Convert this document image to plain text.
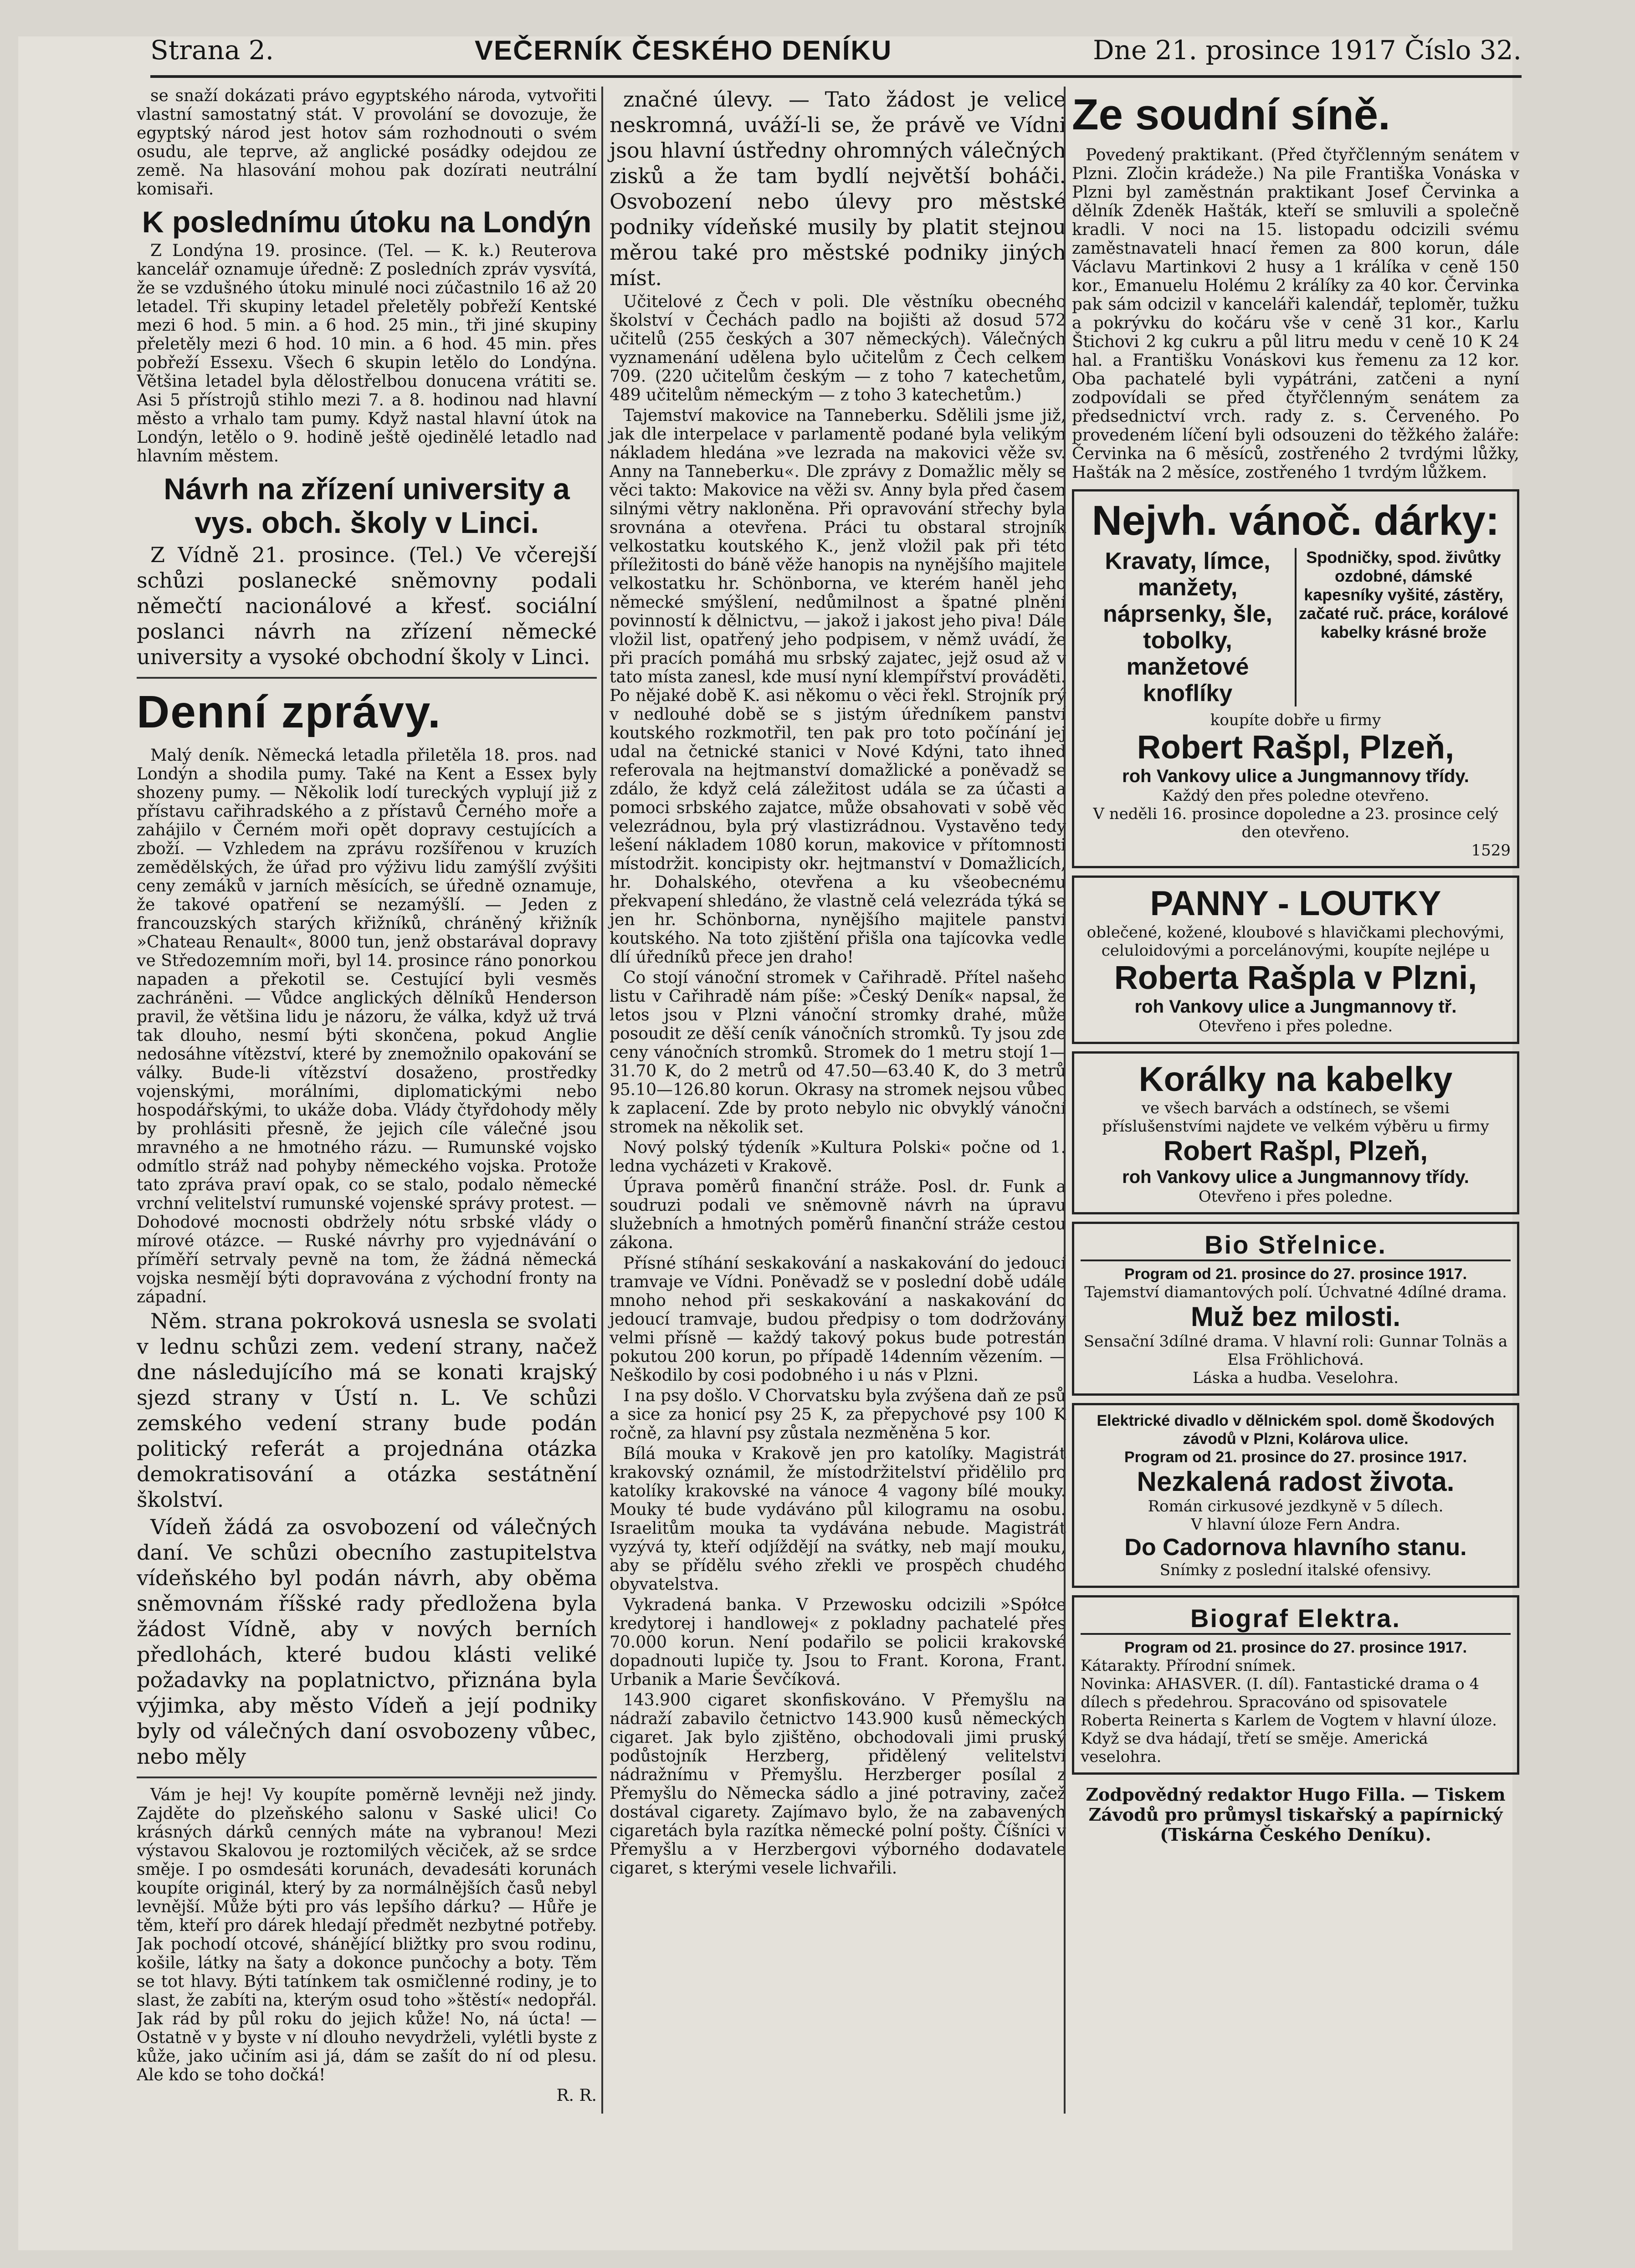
Strana 2.	VEČERNÍK ČESKÉHO DENÍKU	Dne 21. prosince 1917 Číslo 32.

se snaží dokázati právo egyptského národa, vytvořiti vlastní samostatný stát. V provolání se dovozuje, že egyptský národ jest hotov sám rozhodnouti o svém osudu, ale teprve, až anglické posádky odejdou ze země. Na hlasování mohou pak dozírati neutrální komisaři.

K poslednímu útoku na Londýn

Z Londýna 19. prosince. (Tel. — K. k.) Reuterova kancelář oznamuje úředně: Z posledních zpráv vysvítá, že se vzdušného útoku minulé noci zúčastnilo 16 až 20 letadel. Tři skupiny letadel přeletěly pobřeží Kentské mezi 6 hod. 5 min. a 6 hod. 25 min., tři jiné skupiny přeletěly mezi 6 hod. 10 min. a 6 hod. 45 min. přes pobřeží Essexu. Všech 6 skupin letělo do Londýna. Většina letadel byla dělostřelbou donucena vrátiti se. Asi 5 přístrojů stihlo mezi 7. a 8. hodinou nad hlavní město a vrhalo tam pumy. Když nastal hlavní útok na Londýn, letělo o 9. hodině ještě ojedinělé letadlo nad hlavním městem.

Návrh na zřízení university a vys. obch. školy v Linci.

Z Vídně 21. prosince. (Tel.) Ve včerejší schůzi poslanecké sněmovny podali němečtí nacionálové a křesť. sociální poslanci návrh na zřízení německé university a vysoké obchodní školy v Linci.

Denní zprávy.

Malý deník. Německá letadla přiletěla 18. pros. nad Londýn a shodila pumy. Také na Kent a Essex byly shozeny pumy. — Několik lodí tureckých vyplují již z přístavu cařihradského a z přístavů Černého moře a zahájilo v Černém moři opět dopravy cestujících a zboží. — Vzhledem na zprávu rozšířenou v kruzích zemědělských, že úřad pro výživu lidu zamýšlí zvýšiti ceny zemáků v jarních měsících, se úředně oznamuje, že takové opatření se nezamýšlí. — Jeden z francouzských starých křižníků, chráněný křižník »Chateau Renault«, 8000 tun, jenž obstarával dopravy ve Středozemním moři, byl 14. prosince ráno ponorkou napaden a překotil se. Cestující byli vesměs zachráněni. — Vůdce anglických dělníků Henderson pravil, že většina lidu je názoru, že válka, když už trvá tak dlouho, nesmí býti skončena, pokud Anglie nedosáhne vítězství, které by znemožnilo opakování se války. Bude-li vítězství dosaženo, prostředky vojenskými, morálními, diplomatickými nebo hospodářskými, to ukáže doba. Vlády čtyřdohody měly by prohlásiti přesně, že jejich cíle válečné jsou mravného a ne hmotného rázu. — Rumunské vojsko odmítlo stráž nad pohyby německého vojska. Protože tato zpráva praví opak, co se stalo, podalo německé vrchní velitelství rumunské vojenské správy protest. — Dohodové mocnosti obdržely nótu srbské vlády o mírové otázce. — Ruské návrhy pro vyjednávání o příměří setrvaly pevně na tom, že žádná německá vojska nesmějí býti dopravována z východní fronty na západní.

Něm. strana pokroková usnesla se svolati v lednu schůzi zem. vedení strany, načež dne následujícího má se konati krajský sjezd strany v Ústí n. L. Ve schůzi zemského vedení strany bude podán politický referát a projednána otázka demokratisování a otázka sestátnění školství.

Vídeň žádá za osvobození od válečných daní. Ve schůzi obecního zastupitelstva vídeňského byl podán návrh, aby oběma sněmovnám říšské rady předložena byla žádost Vídně, aby v nových berních předlohách, které budou klásti veliké požadavky na poplatnictvo, přiznána byla výjimka, aby město Vídeň a její podniky byly od válečných daní osvobozeny vůbec, nebo měly

Vám je hej! Vy koupíte poměrně levněji než jindy. Zajděte do plzeňského salonu v Saské ulici! Co krásných dárků cenných máte na vybranou! Mezi výstavou Skalovou je roztomilých věciček, až se srdce směje. I po osmdesáti korunách, devadesáti korunách koupíte originál, který by za normálnějších časů nebyl levnější. Může býti pro vás lepšího dárku? — Hůře je těm, kteří pro dárek hledají předmět nezbytné potřeby. Jak pochodí otcové, shánějící bližtky pro svou rodinu, košile, látky na šaty a dokonce punčochy a boty. Těm se tot hlavy. Býti tatínkem tak osmičlenné rodiny, je to slast, že zabíti na, kterým osud toho »štěstí« nedopřál. Jak rád by půl roku do jejich kůže! No, ná úcta! — Ostatně v y byste v ní dlouho nevydrželi, vylétli byste z kůže, jako učiním asi já, dám se zašít do ní od plesu. Ale kdo se toho dočká!

R. R.

značné úlevy. — Tato žádost je velice neskromná, uváží-li se, že právě ve Vídni jsou hlavní ústředny ohromných válečných zisků a že tam bydlí největší boháči. Osvobození nebo úlevy pro městské podniky vídeňské musily by platit stejnou měrou také pro městské podniky jiných míst.

Učitelové z Čech v poli. Dle věstníku obecného školství v Čechách padlo na bojišti až dosud 572 učitelů (255 českých a 307 německých). Válečných vyznamenání udělena bylo učitelům z Čech celkem 709. (220 učitelům českým — z toho 7 katechetům, 489 učitelům německým — z toho 3 katechetům.)

Tajemství makovice na Tanneberku. Sdělili jsme již, jak dle interpelace v parlamentě podané byla velikým nákladem hledána »ve lezrada na makovici věže sv. Anny na Tanneberku«. Dle zprávy z Domažlic měly se věci takto: Makovice na věži sv. Anny byla před časem silnými větry nakloněna. Při opravování střechy byla srovnána a otevřena. Práci tu obstaral strojník velkostatku koutského K., jenž vložil pak při této příležitosti do báně věže hanopis na nynějšího majitele velkostatku hr. Schönborna, ve kterém haněl jeho německé smýšlení, nedůmilnost a špatné plnění povinností k dělnictvu, — jakož i jakost jeho piva! Dále vložil list, opatřený jeho podpisem, v němž uvádí, že při pracích pomáhá mu srbský zajatec, jejž osud až v tato místa zanesl, kde musí nyní klempířství prováděti. Po nějaké době K. asi někomu o věci řekl. Strojník prý v nedlouhé době se s jistým úředníkem panství koutského rozkmotřil, ten pak pro toto počínání jej udal na četnické stanici v Nové Kdýni, tato ihned referovala na hejtmanství domažlické a poněvadž se zdálo, že když celá záležitost udála se za účasti a pomoci srbského zajatce, může obsahovati v sobě věc velezrádnou, byla prý vlastizrádnou. Vystavěno tedy lešení nákladem 1080 korun, makovice v přítomnosti místodržit. koncipisty okr. hejtmanství v Domažlicích, hr. Dohalského, otevřena a ku všeobecnému překvapení shledáno, že vlastně celá velezráda týká se jen hr. Schönborna, nynějšího majitele panství koutského. Na toto zjištění přišla ona tajícovka vedle dlí úředníků přece jen draho!

Co stojí vánoční stromek v Cařihradě. Přítel našeho listu v Cařihradě nám píše: »Český Deník« napsal, že letos jsou v Plzni vánoční stromky drahé, může posoudit ze děší ceník vánočních stromků. Ty jsou zde ceny vánočních stromků. Stromek do 1 metru stojí 1—31.70 K, do 2 metrů od 47.50—63.40 K, do 3 metrů 95.10—126.80 korun. Okrasy na stromek nejsou vůbec k zaplacení. Zde by proto nebylo nic obvyklý vánoční stromek na několik set.

Nový polský týdeník »Kultura Polski« počne od 1. ledna vycházeti v Krakově.

Úprava poměrů finanční stráže. Posl. dr. Funk a soudruzi podali ve sněmovně návrh na úpravu služebních a hmotných poměrů finanční stráže cestou zákona.

Přísné stíhání seskakování a naskakování do jedoucí tramvaje ve Vídni. Poněvadž se v poslední době udále mnoho nehod při seskakování a naskakování do jedoucí tramvaje, budou předpisy o tom dodržovány velmi přísně — každý takový pokus bude potrestán pokutou 200 korun, po případě 14denním vězením. — Neškodilo by cosi podobného i u nás v Plzni.

I na psy došlo. V Chorvatsku byla zvýšena daň ze psů a sice za honicí psy 25 K, za přepychové psy 100 K ročně, za hlavní psy zůstala nezměněna 5 kor.

Bílá mouka v Krakově jen pro katolíky. Magistrát krakovský oznámil, že místodržitelství přidělilo pro katolíky krakovské na vánoce 4 vagony bílé mouky. Mouky té bude vydáváno půl kilogramu na osobu. Israelitům mouka ta vydávána nebude. Magistrát vyzývá ty, kteří odjíždějí na svátky, neb mají mouku, aby se přídělu svého zřekli ve prospěch chudého obyvatelstva.

Vykradená banka. V Przewosku odcizili »Spółce kredytorej i handlowej« z pokladny pachatelé přes 70.000 korun. Není podařilo se policii krakovské dopadnouti lupiče ty. Jsou to Frant. Korona, Frant. Urbanik a Marie Ševčíková.

143.900 cigaret skonfiskováno. V Přemyšlu na nádraží zabavilo četnictvo 143.900 kusů německých cigaret. Jak bylo zjištěno, obchodovali jimi pruský podůstojník Herzberg, přidělený velitelství nádražnímu v Přemyšlu. Herzberger posílal z Přemyšlu do Německa sádlo a jiné potraviny, začež dostával cigarety. Zajímavo bylo, že na zabavených cigaretách byla razítka německé polní pošty. Číšníci v Přemyšlu a v Herzbergovi výborného dodavatele cigaret, s kterými vesele lichvařili.

Ze soudní síně.

Povedený praktikant. (Před čtyřčlenným senátem v Plzni. Zločin krádeže.) Na pile Františka Vonáska v Plzni byl zaměstnán praktikant Josef Červinka a dělník Zdeněk Hašták, kteří se smluvili a společně kradli. V noci na 15. listopadu odcizili svému zaměstnavateli hnací řemen za 800 korun, dále Václavu Martinkovi 2 husy a 1 králíka v ceně 150 kor., Emanuelu Holému 2 králíky za 40 kor. Červinka pak sám odcizil v kanceláři kalendář, teploměr, tužku a pokrývku do kočáru vše v ceně 31 kor., Karlu Štichovi 2 kg cukru a půl litru medu v ceně 10 K 24 hal. a Františku Vonáskovi kus řemenu za 12 kor. Oba pachatelé byli vypátráni, zatčeni a nyní zodpovídali se před čtyřčlenným senátem za předsednictví vrch. rady z. s. Červeného. Po provedeném líčení byli odsouzeni do těžkého žaláře: Červinka na 6 měsíců, zostřeného 2 tvrdými lůžky, Hašták na 2 měsíce, zostřeného 1 tvrdým lůžkem.

Nejvh. vánoč. dárky:
Kravaty, límce, manžety, náprsenky, šle, tobolky, manžetové knoflíky
Spodničky, spod. živůtky ozdobné, dámské kapesníky vyšité, zástěry, začaté ruč. práce, korálové kabelky krásné brože
koupíte dobře u firmy
Robert Rašpl, Plzeň,
roh Vankovy ulice a Jungmannovy třídy.
Každý den přes poledne otevřeno.
V neděli 16. prosince dopoledne a 23. prosince celý den otevřeno.
1529
PANNY - LOUTKY
oblečené, kožené, kloubové s hlavičkami plechovými, celuloidovými a porcelánovými, koupíte nejlépe u
Roberta Rašpla v Plzni,
roh Vankovy ulice a Jungmannovy tř.
Otevřeno i přes poledne.
Korálky na kabelky
ve všech barvách a odstínech, se všemi příslušenstvími najdete ve velkém výběru u firmy
Robert Rašpl, Plzeň,
roh Vankovy ulice a Jungmannovy třídy.
Otevřeno i přes poledne.
Bio Střelnice.
Program od 21. prosince do 27. prosince 1917.
Tajemství diamantových polí. Úchvatné 4dílné drama.
Muž bez milosti.
Sensační 3dílné drama. V hlavní roli: Gunnar Tolnäs a Elsa Fröhlichová.
Láska a hudba. Veselohra.
Elektrické divadlo v dělnickém spol. domě Škodových závodů v Plzni, Kolárova ulice.
Program od 21. prosince do 27. prosince 1917.
Nezkalená radost života.
Román cirkusové jezdkyně v 5 dílech.
V hlavní úloze Fern Andra.
Do Cadornova hlavního stanu.
Snímky z poslední italské ofensivy.
Biograf Elektra.
Program od 21. prosince do 27. prosince 1917.
Kátarakty. Přírodní snímek.
Novinka: AHASVER. (I. díl). Fantastické drama o 4 dílech s předehrou. Spracováno od spisovatele Roberta Reinerta s Karlem de Vogtem v hlavní úloze.
Když se dva hádají, třetí se směje. Americká veselohra.
Zodpovědný redaktor Hugo Filla. — Tiskem Závodů pro průmysl tiskařský a papírnický (Tiskárna Českého Deníku).
